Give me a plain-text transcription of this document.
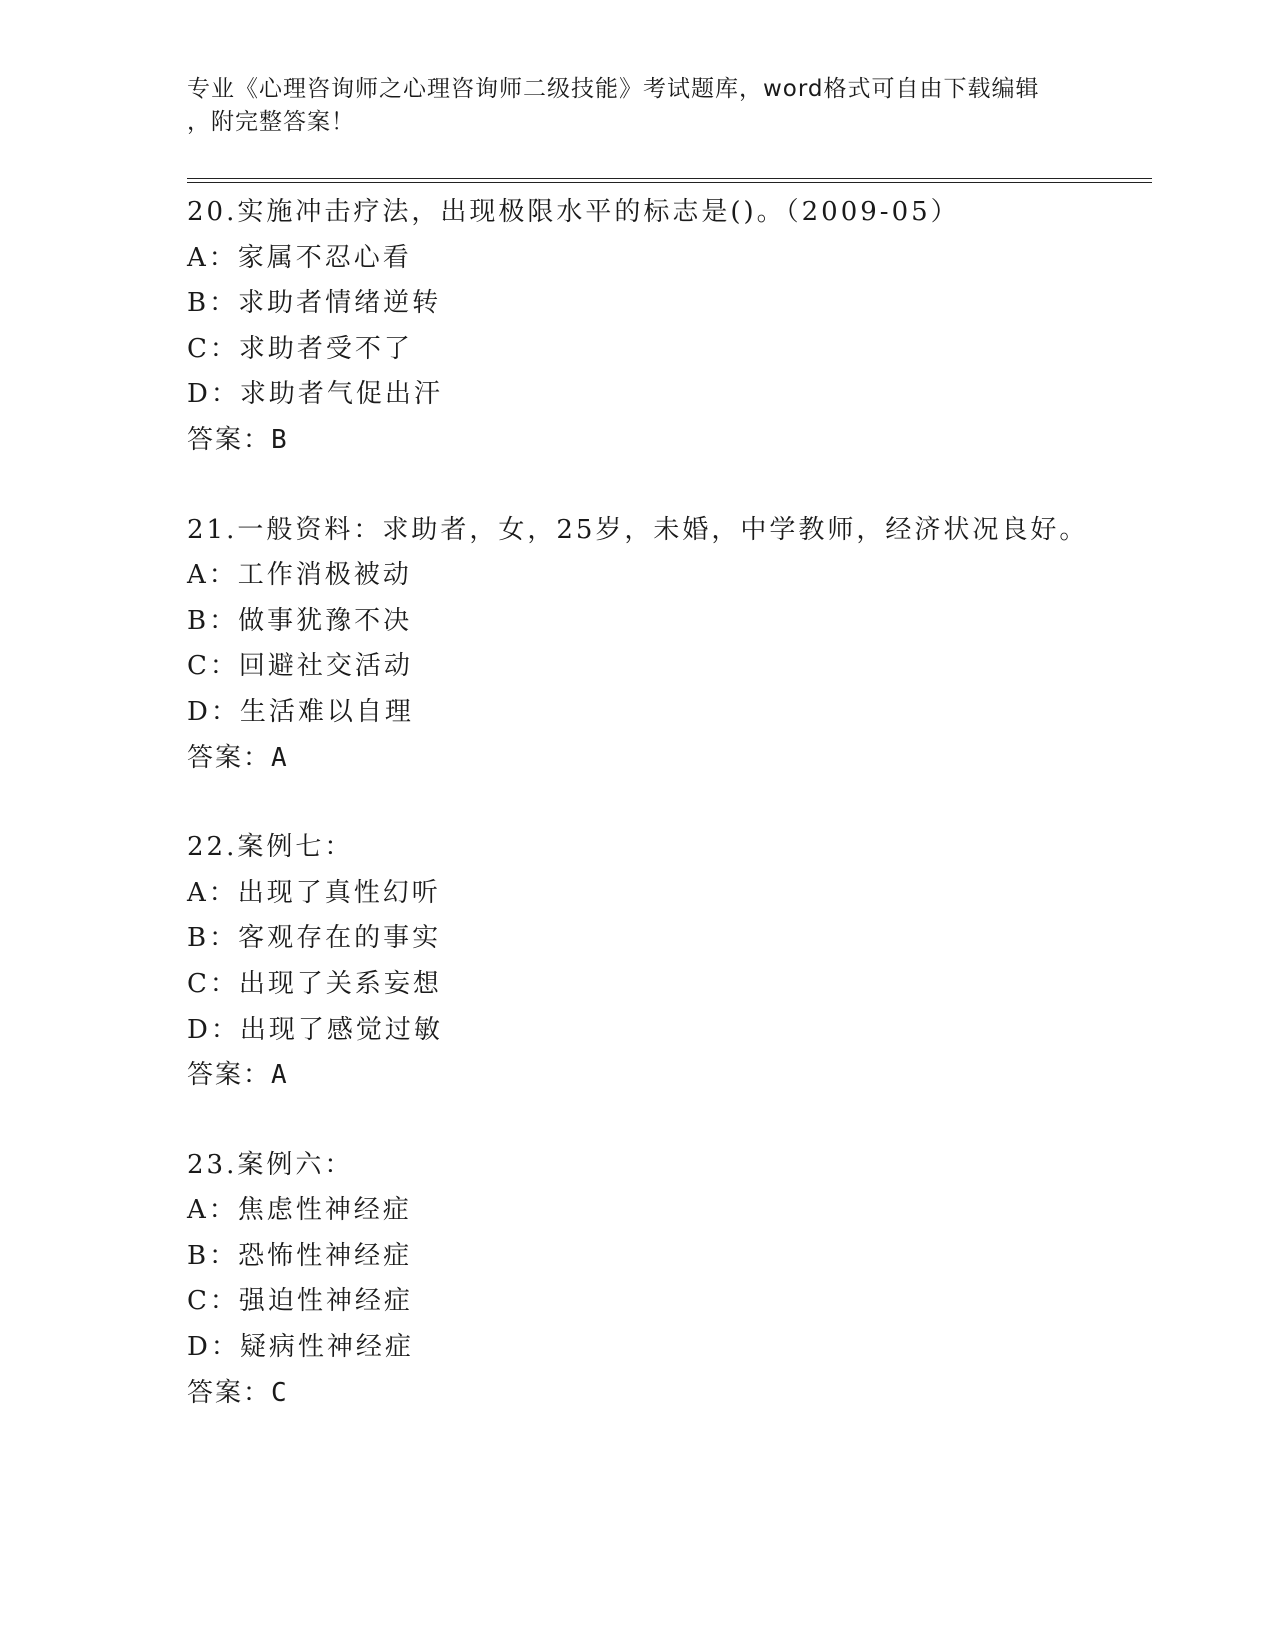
专业《心理咨询师之心理咨询师二级技能》考试题库，word格式可自由下载编辑
，附完整答案！
20.实施冲击疗法，出现极限水平的标志是()。（2009-05）
A：家属不忍心看
B：求助者情绪逆转
C：求助者受不了
D：求助者气促出汗
答案：B
21.一般资料：求助者，女，25岁，未婚，中学教师，经济状况良好。
A：工作消极被动
B：做事犹豫不决
C：回避社交活动
D：生活难以自理
答案：A
22.案例七：
A：出现了真性幻听
B：客观存在的事实
C：出现了关系妄想
D：出现了感觉过敏
答案：A
23.案例六：
A：焦虑性神经症
B：恐怖性神经症
C：强迫性神经症
D：疑病性神经症
答案：C
